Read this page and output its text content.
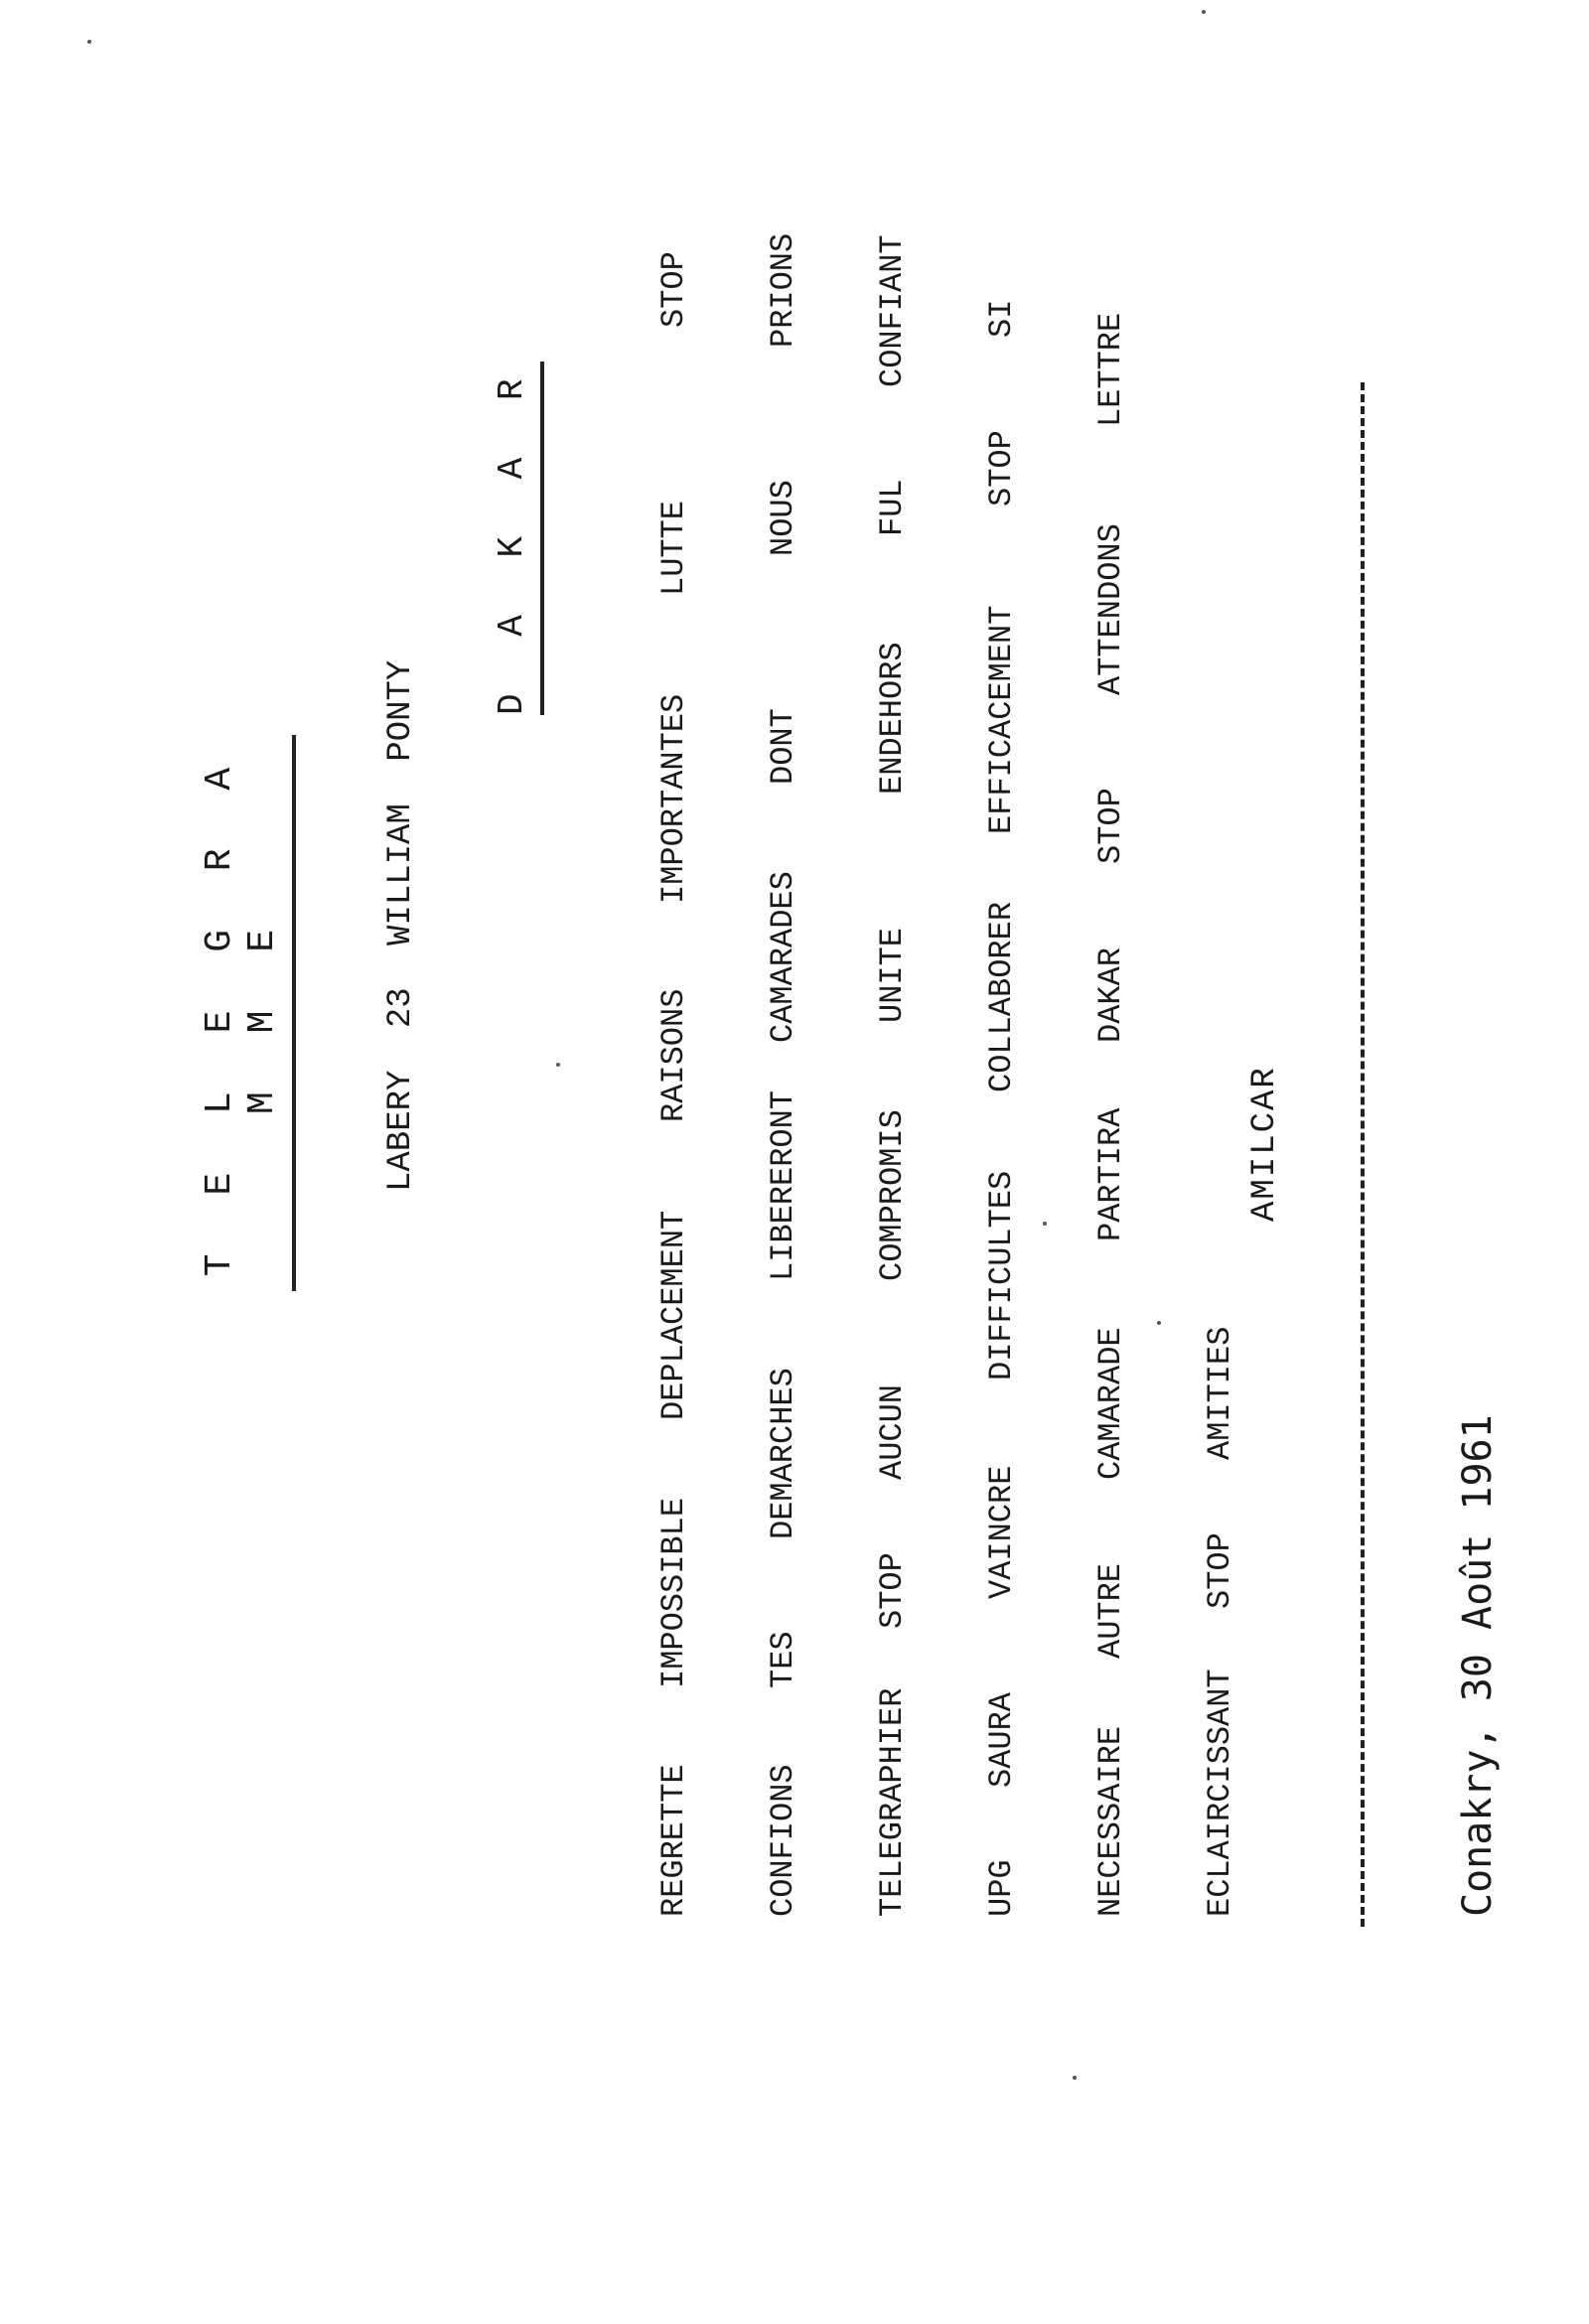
T E L E G R A M M E	LABERY 23 WILLIAM PONTY
D A K A R
REGRETTE
IMPOSSIBLE
DEPLACEMENT
RAISONS
IMPORTANTES
LUTTE
STOP
CONFIONS
TES
DEMARCHES
LIBERERONT
CAMARADES
DONT
NOUS
PRIONS
TELEGRAPHIER
STOP
AUCUN
COMPROMIS
UNITE
ENDEHORS
FUL
CONFIANT
UPG
SAURA
VAINCRE
DIFFICULTES
COLLABORER
EFFICACEMENT
STOP
SI
NECESSAIRE
AUTRE
CAMARADE
PARTIRA
DAKAR
STOP
ATTENDONS
LETTRE
ECLAIRCISSANT
STOP
AMITIES
AMILCAR
Conakry, 30 Août 1961
